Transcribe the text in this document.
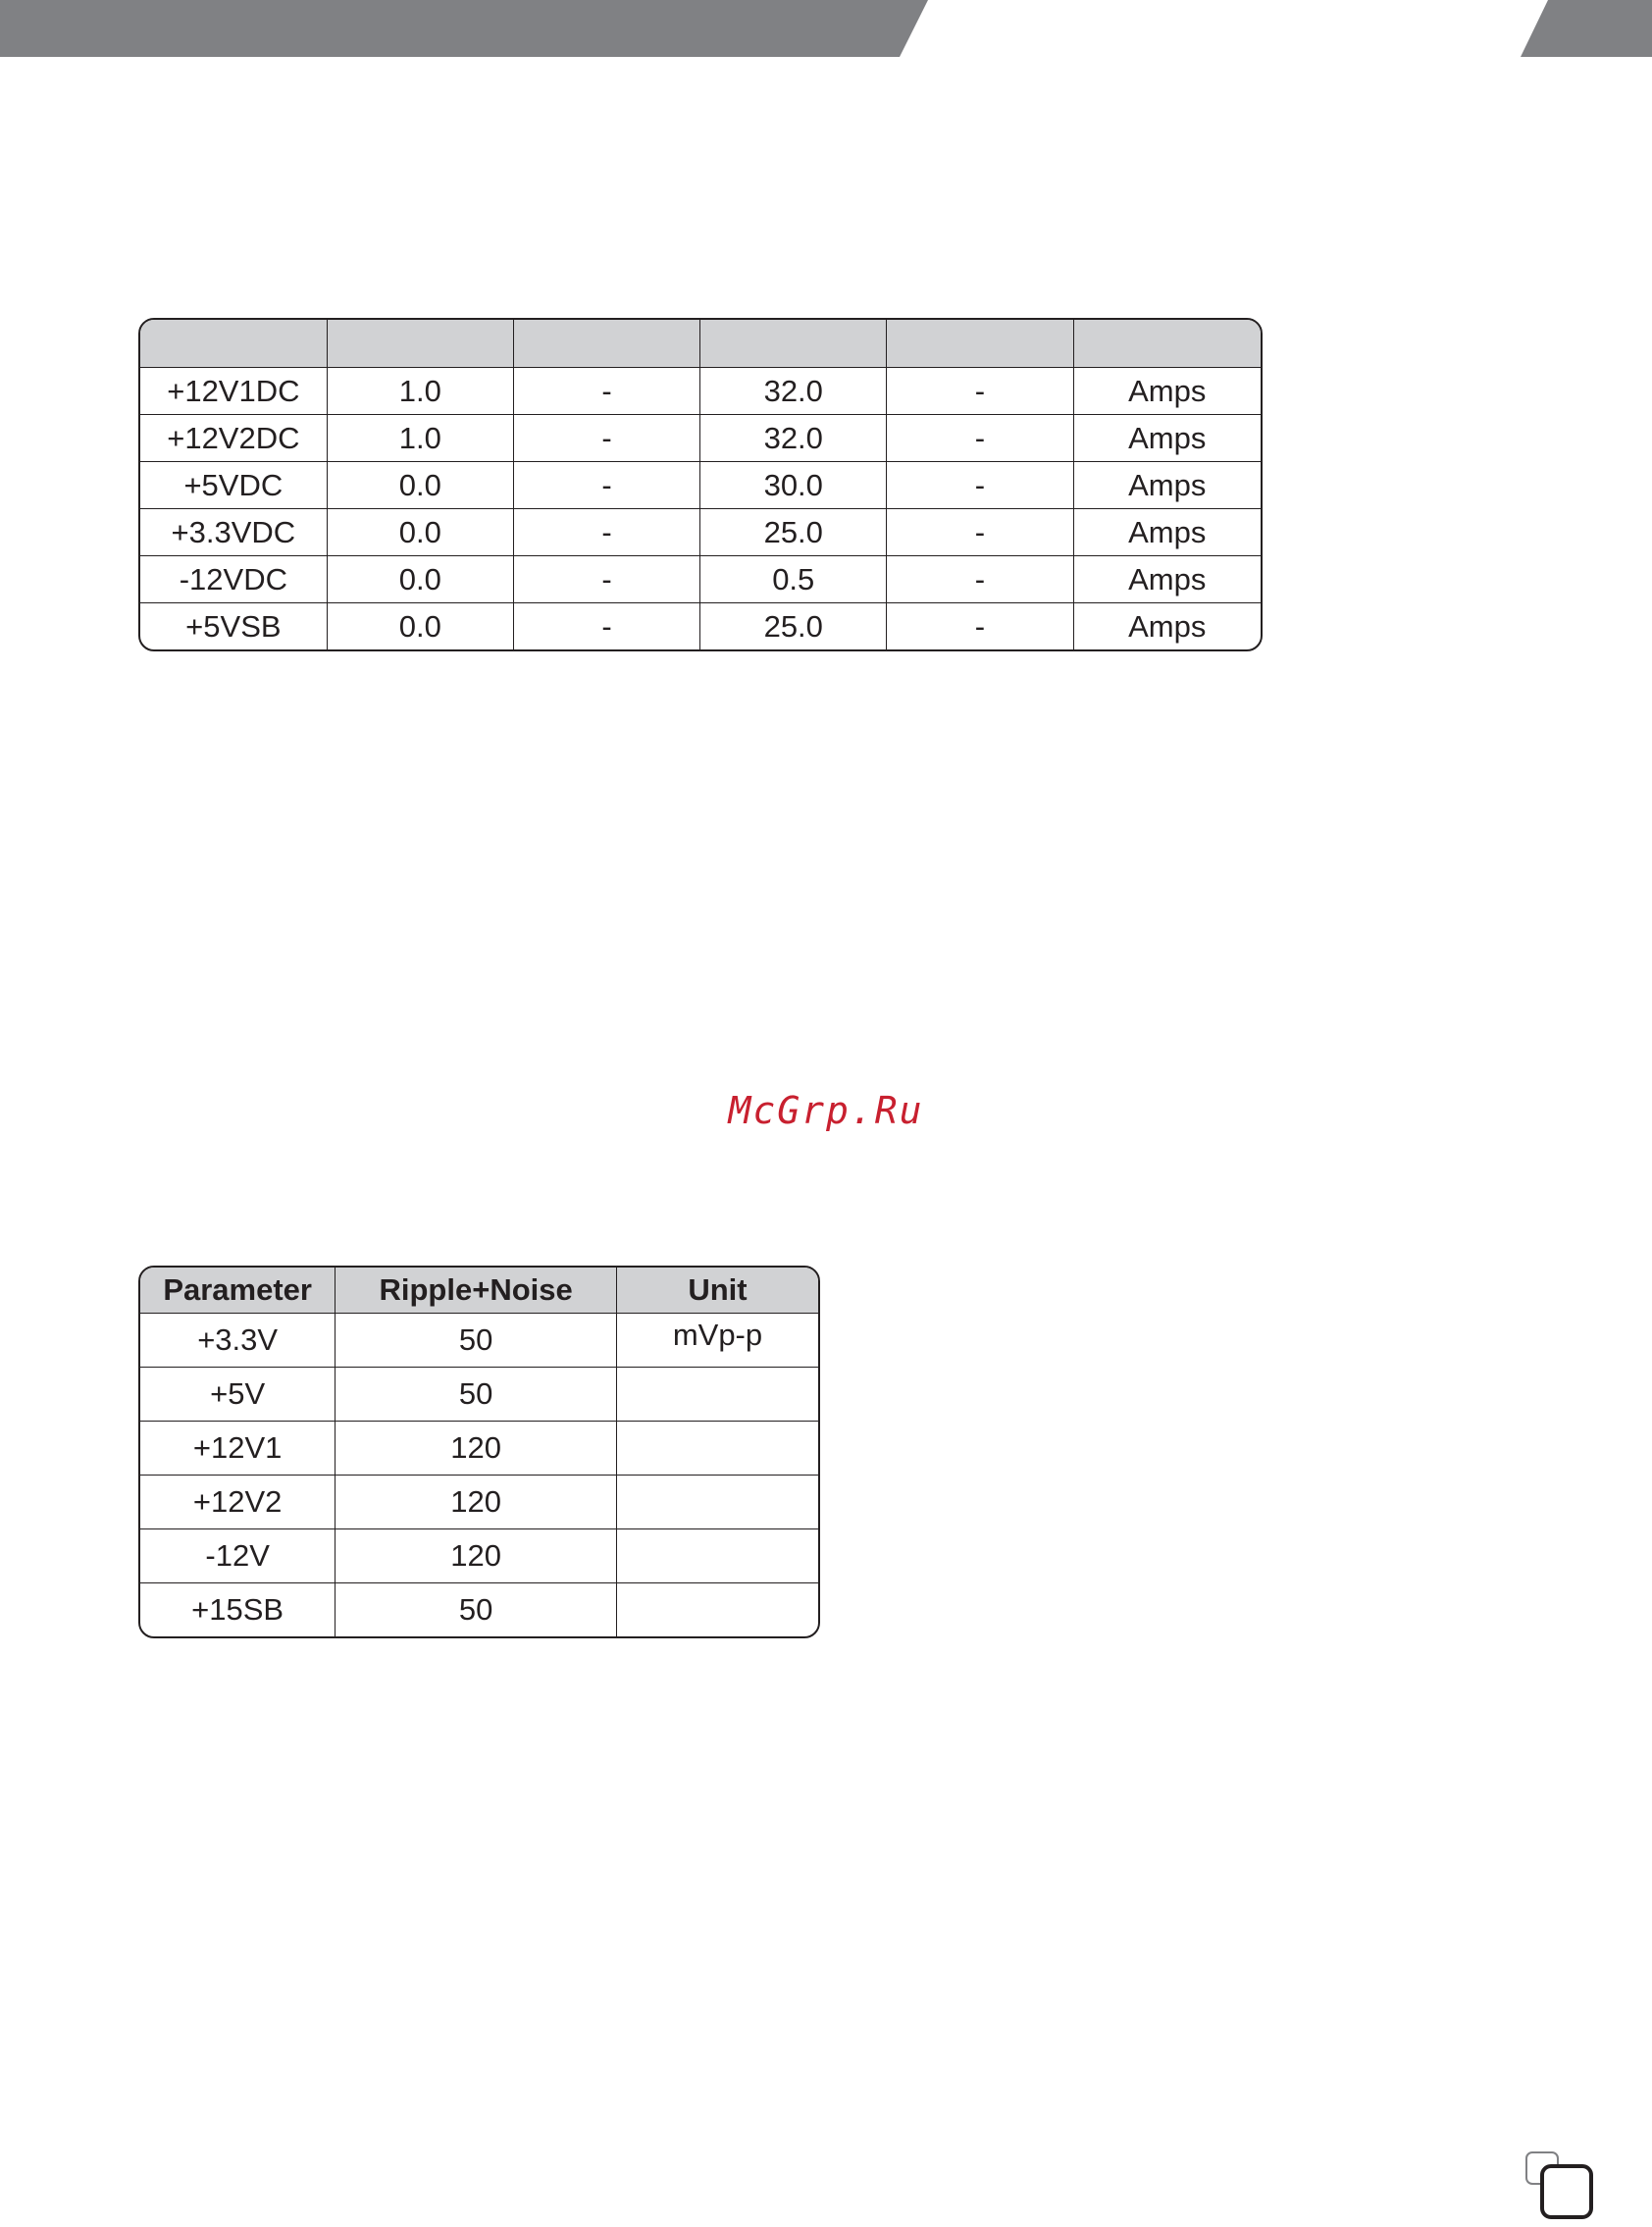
+12V1DC	1.0	-	32.0	-	Amps
+12V2DC	1.0	-	32.0	-	Amps
+5VDC	0.0	-	30.0	-	Amps
+3.3VDC	0.0	-	25.0	-	Amps
-12VDC	0.0	-	0.5	-	Amps
+5VSB	0.0	-	25.0	-	Amps
McGrp.Ru
Parameter	Ripple+Noise	Unit
+3.3V	50	mVp-p
+5V	50	
+12V1	120	
+12V2	120	
-12V	120	
+15SB	50	
